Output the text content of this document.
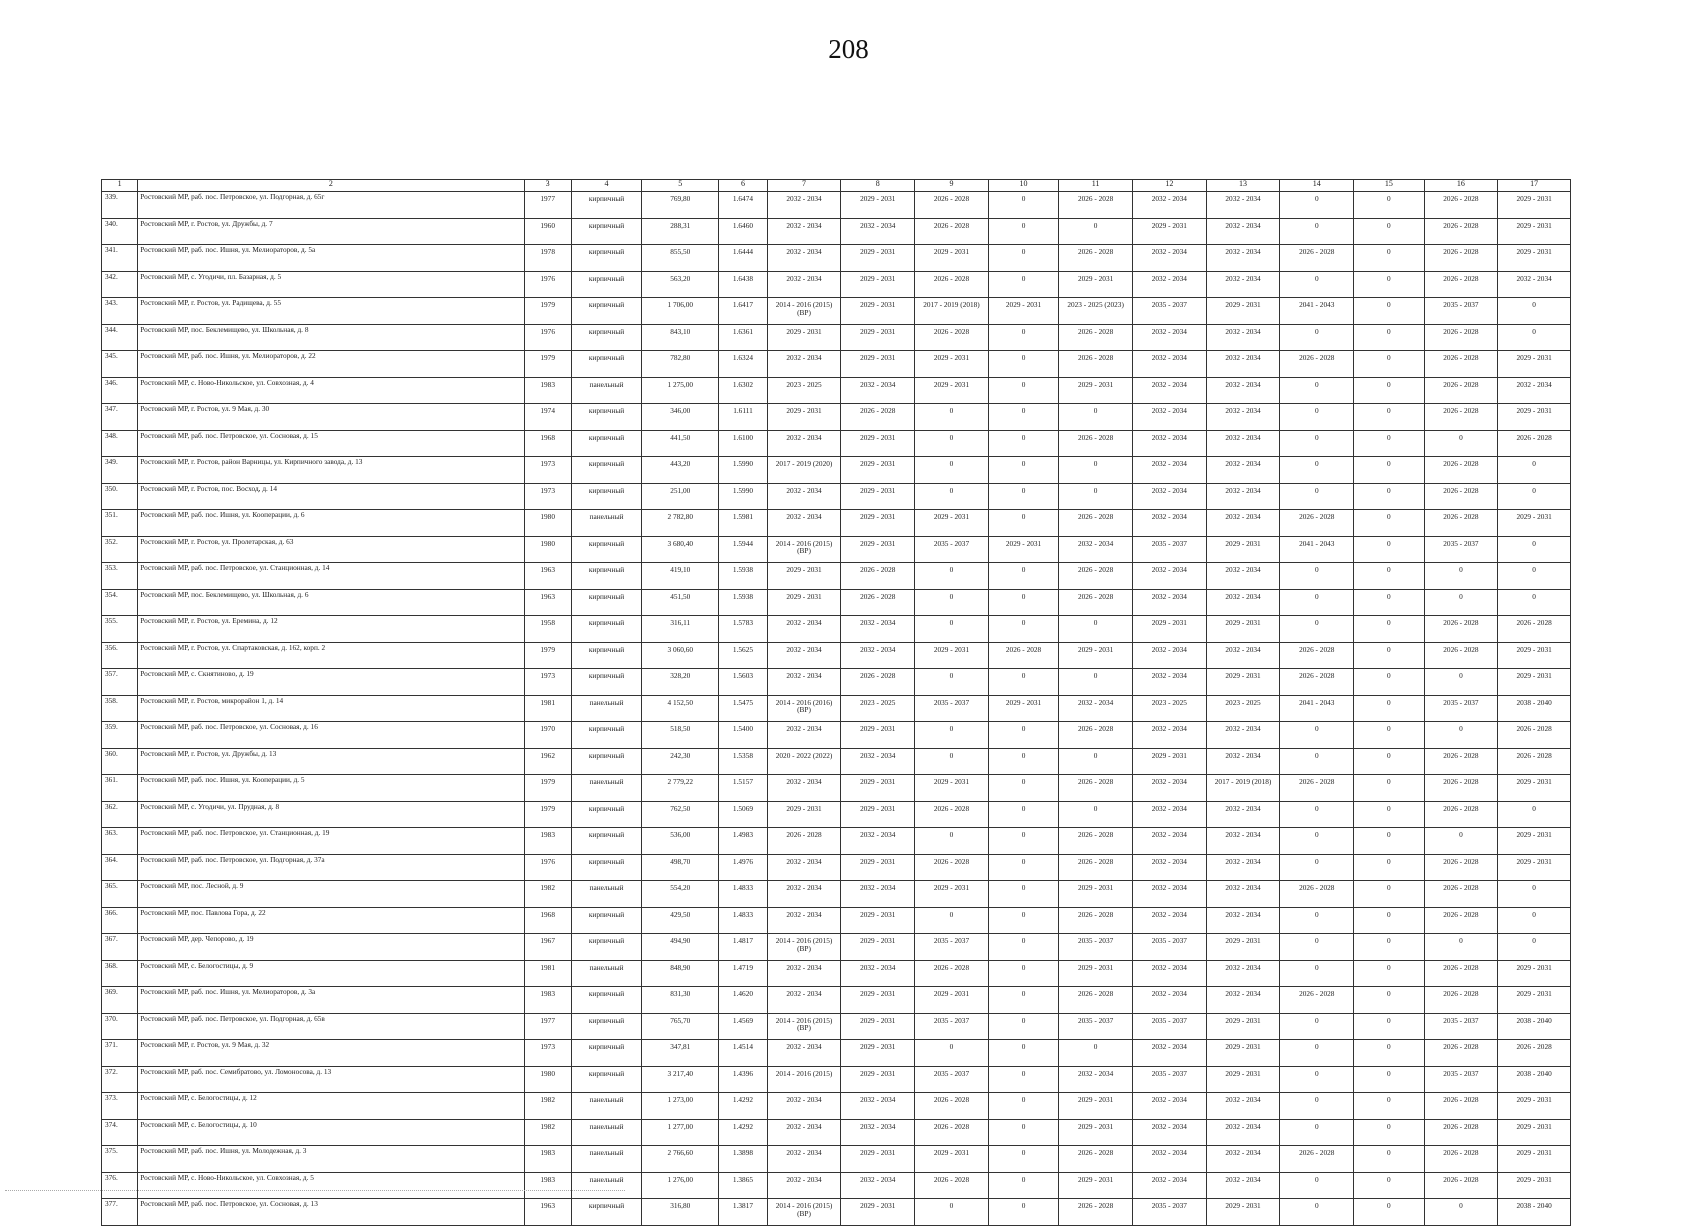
208
1	2	3	4	5	6	7	8	9	10	11	12	13	14	15	16	17
339.	Ростовский МР, раб. пос. Петровское, ул. Подгорная, д. 65г	1977	кирпичный	769,80	1.6474	2032 - 2034	2029 - 2031	2026 - 2028	0	2026 - 2028	2032 - 2034	2032 - 2034	0	0	2026 - 2028	2029 - 2031
340.	Ростовский МР, г. Ростов, ул. Дружбы, д. 7	1960	кирпичный	288,31	1.6460	2032 - 2034	2032 - 2034	2026 - 2028	0	0	2029 - 2031	2032 - 2034	0	0	2026 - 2028	2029 - 2031
341.	Ростовский МР, раб. пос. Ишня, ул. Мелиораторов, д. 5а	1978	кирпичный	855,50	1.6444	2032 - 2034	2029 - 2031	2029 - 2031	0	2026 - 2028	2032 - 2034	2032 - 2034	2026 - 2028	0	2026 - 2028	2029 - 2031
342.	Ростовский МР, с. Угодичи, пл. Базарная, д. 5	1976	кирпичный	563,20	1.6438	2032 - 2034	2029 - 2031	2026 - 2028	0	2029 - 2031	2032 - 2034	2032 - 2034	0	0	2026 - 2028	2032 - 2034
343.	Ростовский МР, г. Ростов, ул. Радищева, д. 55	1979	кирпичный	1 706,00	1.6417	2014 - 2016 (2015) (ВР)	2029 - 2031	2017 - 2019 (2018)	2029 - 2031	2023 - 2025 (2023)	2035 - 2037	2029 - 2031	2041 - 2043	0	2035 - 2037	0
344.	Ростовский МР, пос. Беклемищево, ул. Школьная, д. 8	1976	кирпичный	843,10	1.6361	2029 - 2031	2029 - 2031	2026 - 2028	0	2026 - 2028	2032 - 2034	2032 - 2034	0	0	2026 - 2028	0
345.	Ростовский МР, раб. пос. Ишня, ул. Мелиораторов, д. 22	1979	кирпичный	782,80	1.6324	2032 - 2034	2029 - 2031	2029 - 2031	0	2026 - 2028	2032 - 2034	2032 - 2034	2026 - 2028	0	2026 - 2028	2029 - 2031
346.	Ростовский МР, с. Ново-Никольское, ул. Совхозная, д. 4	1983	панельный	1 275,00	1.6302	2023 - 2025	2032 - 2034	2029 - 2031	0	2029 - 2031	2032 - 2034	2032 - 2034	0	0	2026 - 2028	2032 - 2034
347.	Ростовский МР, г. Ростов, ул. 9 Мая, д. 30	1974	кирпичный	346,00	1.6111	2029 - 2031	2026 - 2028	0	0	0	2032 - 2034	2032 - 2034	0	0	2026 - 2028	2029 - 2031
348.	Ростовский МР, раб. пос. Петровское, ул. Сосновая, д. 15	1968	кирпичный	441,50	1.6100	2032 - 2034	2029 - 2031	0	0	2026 - 2028	2032 - 2034	2032 - 2034	0	0	0	2026 - 2028
349.	Ростовский МР, г. Ростов, район Варницы, ул. Кирпичного завода, д. 13	1973	кирпичный	443,20	1.5990	2017 - 2019 (2020)	2029 - 2031	0	0	0	2032 - 2034	2032 - 2034	0	0	2026 - 2028	0
350.	Ростовский МР, г. Ростов, пос. Восход, д. 14	1973	кирпичный	251,00	1.5990	2032 - 2034	2029 - 2031	0	0	0	2032 - 2034	2032 - 2034	0	0	2026 - 2028	0
351.	Ростовский МР, раб. пос. Ишня, ул. Кооперации, д. 6	1980	панельный	2 782,80	1.5981	2032 - 2034	2029 - 2031	2029 - 2031	0	2026 - 2028	2032 - 2034	2032 - 2034	2026 - 2028	0	2026 - 2028	2029 - 2031
352.	Ростовский МР, г. Ростов, ул. Пролетарская, д. 63	1980	кирпичный	3 680,40	1.5944	2014 - 2016 (2015) (ВР)	2029 - 2031	2035 - 2037	2029 - 2031	2032 - 2034	2035 - 2037	2029 - 2031	2041 - 2043	0	2035 - 2037	0
353.	Ростовский МР, раб. пос. Петровское, ул. Станционная, д. 14	1963	кирпичный	419,10	1.5938	2029 - 2031	2026 - 2028	0	0	2026 - 2028	2032 - 2034	2032 - 2034	0	0	0	0
354.	Ростовский МР, пос. Беклемищево, ул. Школьная, д. 6	1963	кирпичный	451,50	1.5938	2029 - 2031	2026 - 2028	0	0	2026 - 2028	2032 - 2034	2032 - 2034	0	0	0	0
355.	Ростовский МР, г. Ростов, ул. Еремина, д. 12	1958	кирпичный	316,11	1.5783	2032 - 2034	2032 - 2034	0	0	0	2029 - 2031	2029 - 2031	0	0	2026 - 2028	2026 - 2028
356.	Ростовский МР, г. Ростов, ул. Спартаковская, д. 162, корп. 2	1979	кирпичный	3 060,60	1.5625	2032 - 2034	2032 - 2034	2029 - 2031	2026 - 2028	2029 - 2031	2032 - 2034	2032 - 2034	2026 - 2028	0	2026 - 2028	2029 - 2031
357.	Ростовский МР, с. Скнятиново, д. 19	1973	кирпичный	328,20	1.5603	2032 - 2034	2026 - 2028	0	0	0	2032 - 2034	2029 - 2031	2026 - 2028	0	0	2029 - 2031
358.	Ростовский МР, г. Ростов, микрорайон 1, д. 14	1981	панельный	4 152,50	1.5475	2014 - 2016 (2016) (ВР)	2023 - 2025	2035 - 2037	2029 - 2031	2032 - 2034	2023 - 2025	2023 - 2025	2041 - 2043	0	2035 - 2037	2038 - 2040
359.	Ростовский МР, раб. пос. Петровское, ул. Сосновая, д. 16	1970	кирпичный	518,50	1.5400	2032 - 2034	2029 - 2031	0	0	2026 - 2028	2032 - 2034	2032 - 2034	0	0	0	2026 - 2028
360.	Ростовский МР, г. Ростов, ул. Дружбы, д. 13	1962	кирпичный	242,30	1.5358	2020 - 2022 (2022)	2032 - 2034	0	0	0	2029 - 2031	2032 - 2034	0	0	2026 - 2028	2026 - 2028
361.	Ростовский МР, раб. пос. Ишня, ул. Кооперации, д. 5	1979	панельный	2 779,22	1.5157	2032 - 2034	2029 - 2031	2029 - 2031	0	2026 - 2028	2032 - 2034	2017 - 2019 (2018)	2026 - 2028	0	2026 - 2028	2029 - 2031
362.	Ростовский МР, с. Угодичи, ул. Прудная, д. 8	1979	кирпичный	762,50	1.5069	2029 - 2031	2029 - 2031	2026 - 2028	0	0	2032 - 2034	2032 - 2034	0	0	2026 - 2028	0
363.	Ростовский МР, раб. пос. Петровское, ул. Станционная, д. 19	1983	кирпичный	536,00	1.4983	2026 - 2028	2032 - 2034	0	0	2026 - 2028	2032 - 2034	2032 - 2034	0	0	0	2029 - 2031
364.	Ростовский МР, раб. пос. Петровское, ул. Подгорная, д. 37а	1976	кирпичный	498,70	1.4976	2032 - 2034	2029 - 2031	2026 - 2028	0	2026 - 2028	2032 - 2034	2032 - 2034	0	0	2026 - 2028	2029 - 2031
365.	Ростовский МР, пос. Лесной, д. 9	1982	панельный	554,20	1.4833	2032 - 2034	2032 - 2034	2029 - 2031	0	2029 - 2031	2032 - 2034	2032 - 2034	2026 - 2028	0	2026 - 2028	0
366.	Ростовский МР, пос. Павлова Гора, д. 22	1968	кирпичный	429,50	1.4833	2032 - 2034	2029 - 2031	0	0	2026 - 2028	2032 - 2034	2032 - 2034	0	0	2026 - 2028	0
367.	Ростовский МР, дер. Чепорово, д. 19	1967	кирпичный	494,90	1.4817	2014 - 2016 (2015) (ВР)	2029 - 2031	2035 - 2037	0	2035 - 2037	2035 - 2037	2029 - 2031	0	0	0	0
368.	Ростовский МР, с. Белогостицы, д. 9	1981	панельный	848,90	1.4719	2032 - 2034	2032 - 2034	2026 - 2028	0	2029 - 2031	2032 - 2034	2032 - 2034	0	0	2026 - 2028	2029 - 2031
369.	Ростовский МР, раб. пос. Ишня, ул. Мелиораторов, д. 3а	1983	кирпичный	831,30	1.4620	2032 - 2034	2029 - 2031	2029 - 2031	0	2026 - 2028	2032 - 2034	2032 - 2034	2026 - 2028	0	2026 - 2028	2029 - 2031
370.	Ростовский МР, раб. пос. Петровское, ул. Подгорная, д. 65в	1977	кирпичный	765,70	1.4569	2014 - 2016 (2015) (ВР)	2029 - 2031	2035 - 2037	0	2035 - 2037	2035 - 2037	2029 - 2031	0	0	2035 - 2037	2038 - 2040
371.	Ростовский МР, г. Ростов, ул. 9 Мая, д. 32	1973	кирпичный	347,81	1.4514	2032 - 2034	2029 - 2031	0	0	0	2032 - 2034	2029 - 2031	0	0	2026 - 2028	2026 - 2028
372.	Ростовский МР, раб. пос. Семибратово, ул. Ломоносова, д. 13	1980	кирпичный	3 217,40	1.4396	2014 - 2016 (2015)	2029 - 2031	2035 - 2037	0	2032 - 2034	2035 - 2037	2029 - 2031	0	0	2035 - 2037	2038 - 2040
373.	Ростовский МР, с. Белогостицы, д. 12	1982	панельный	1 273,00	1.4292	2032 - 2034	2032 - 2034	2026 - 2028	0	2029 - 2031	2032 - 2034	2032 - 2034	0	0	2026 - 2028	2029 - 2031
374.	Ростовский МР, с. Белогостицы, д. 10	1982	панельный	1 277,00	1.4292	2032 - 2034	2032 - 2034	2026 - 2028	0	2029 - 2031	2032 - 2034	2032 - 2034	0	0	2026 - 2028	2029 - 2031
375.	Ростовский МР, раб. пос. Ишня, ул. Молодежная, д. 3	1983	панельный	2 766,60	1.3898	2032 - 2034	2029 - 2031	2029 - 2031	0	2026 - 2028	2032 - 2034	2032 - 2034	2026 - 2028	0	2026 - 2028	2029 - 2031
376.	Ростовский МР, с. Ново-Никольское, ул. Совхозная, д. 5	1983	панельный	1 276,00	1.3865	2032 - 2034	2032 - 2034	2026 - 2028	0	2029 - 2031	2032 - 2034	2032 - 2034	0	0	2026 - 2028	2029 - 2031
377.	Ростовский МР, раб. пос. Петровское, ул. Сосновая, д. 13	1963	кирпичный	316,80	1.3817	2014 - 2016 (2015) (ВР)	2029 - 2031	0	0	2026 - 2028	2035 - 2037	2029 - 2031	0	0	0	2038 - 2040
